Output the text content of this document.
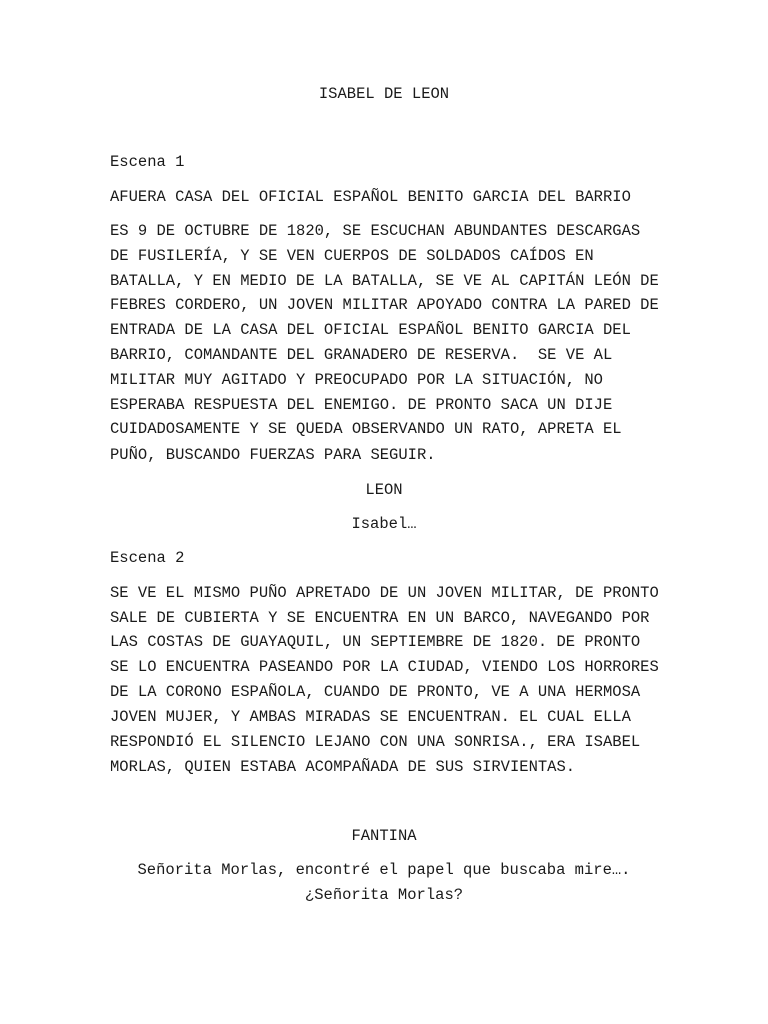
ISABEL DE LEON
Escena 1
AFUERA CASA DEL OFICIAL ESPAÑOL BENITO GARCIA DEL BARRIO
ES 9 DE OCTUBRE DE 1820, SE ESCUCHAN ABUNDANTES DESCARGAS
DE FUSILERÍA, Y SE VEN CUERPOS DE SOLDADOS CAÍDOS EN
BATALLA, Y EN MEDIO DE LA BATALLA, SE VE AL CAPITÁN LEÓN DE
FEBRES CORDERO, UN JOVEN MILITAR APOYADO CONTRA LA PARED DE
ENTRADA DE LA CASA DEL OFICIAL ESPAÑOL BENITO GARCIA DEL
BARRIO, COMANDANTE DEL GRANADERO DE RESERVA.  SE VE AL
MILITAR MUY AGITADO Y PREOCUPADO POR LA SITUACIÓN, NO
ESPERABA RESPUESTA DEL ENEMIGO. DE PRONTO SACA UN DIJE
CUIDADOSAMENTE Y SE QUEDA OBSERVANDO UN RATO, APRETA EL
PUÑO, BUSCANDO FUERZAS PARA SEGUIR.
LEON
Isabel…
Escena 2
SE VE EL MISMO PUÑO APRETADO DE UN JOVEN MILITAR, DE PRONTO
SALE DE CUBIERTA Y SE ENCUENTRA EN UN BARCO, NAVEGANDO POR
LAS COSTAS DE GUAYAQUIL, UN SEPTIEMBRE DE 1820. DE PRONTO
SE LO ENCUENTRA PASEANDO POR LA CIUDAD, VIENDO LOS HORRORES
DE LA CORONO ESPAÑOLA, CUANDO DE PRONTO, VE A UNA HERMOSA
JOVEN MUJER, Y AMBAS MIRADAS SE ENCUENTRAN. EL CUAL ELLA
RESPONDIÓ EL SILENCIO LEJANO CON UNA SONRISA., ERA ISABEL
MORLAS, QUIEN ESTABA ACOMPAÑADA DE SUS SIRVIENTAS.
FANTINA
Señorita Morlas, encontré el papel que buscaba mire….
¿Señorita Morlas?
